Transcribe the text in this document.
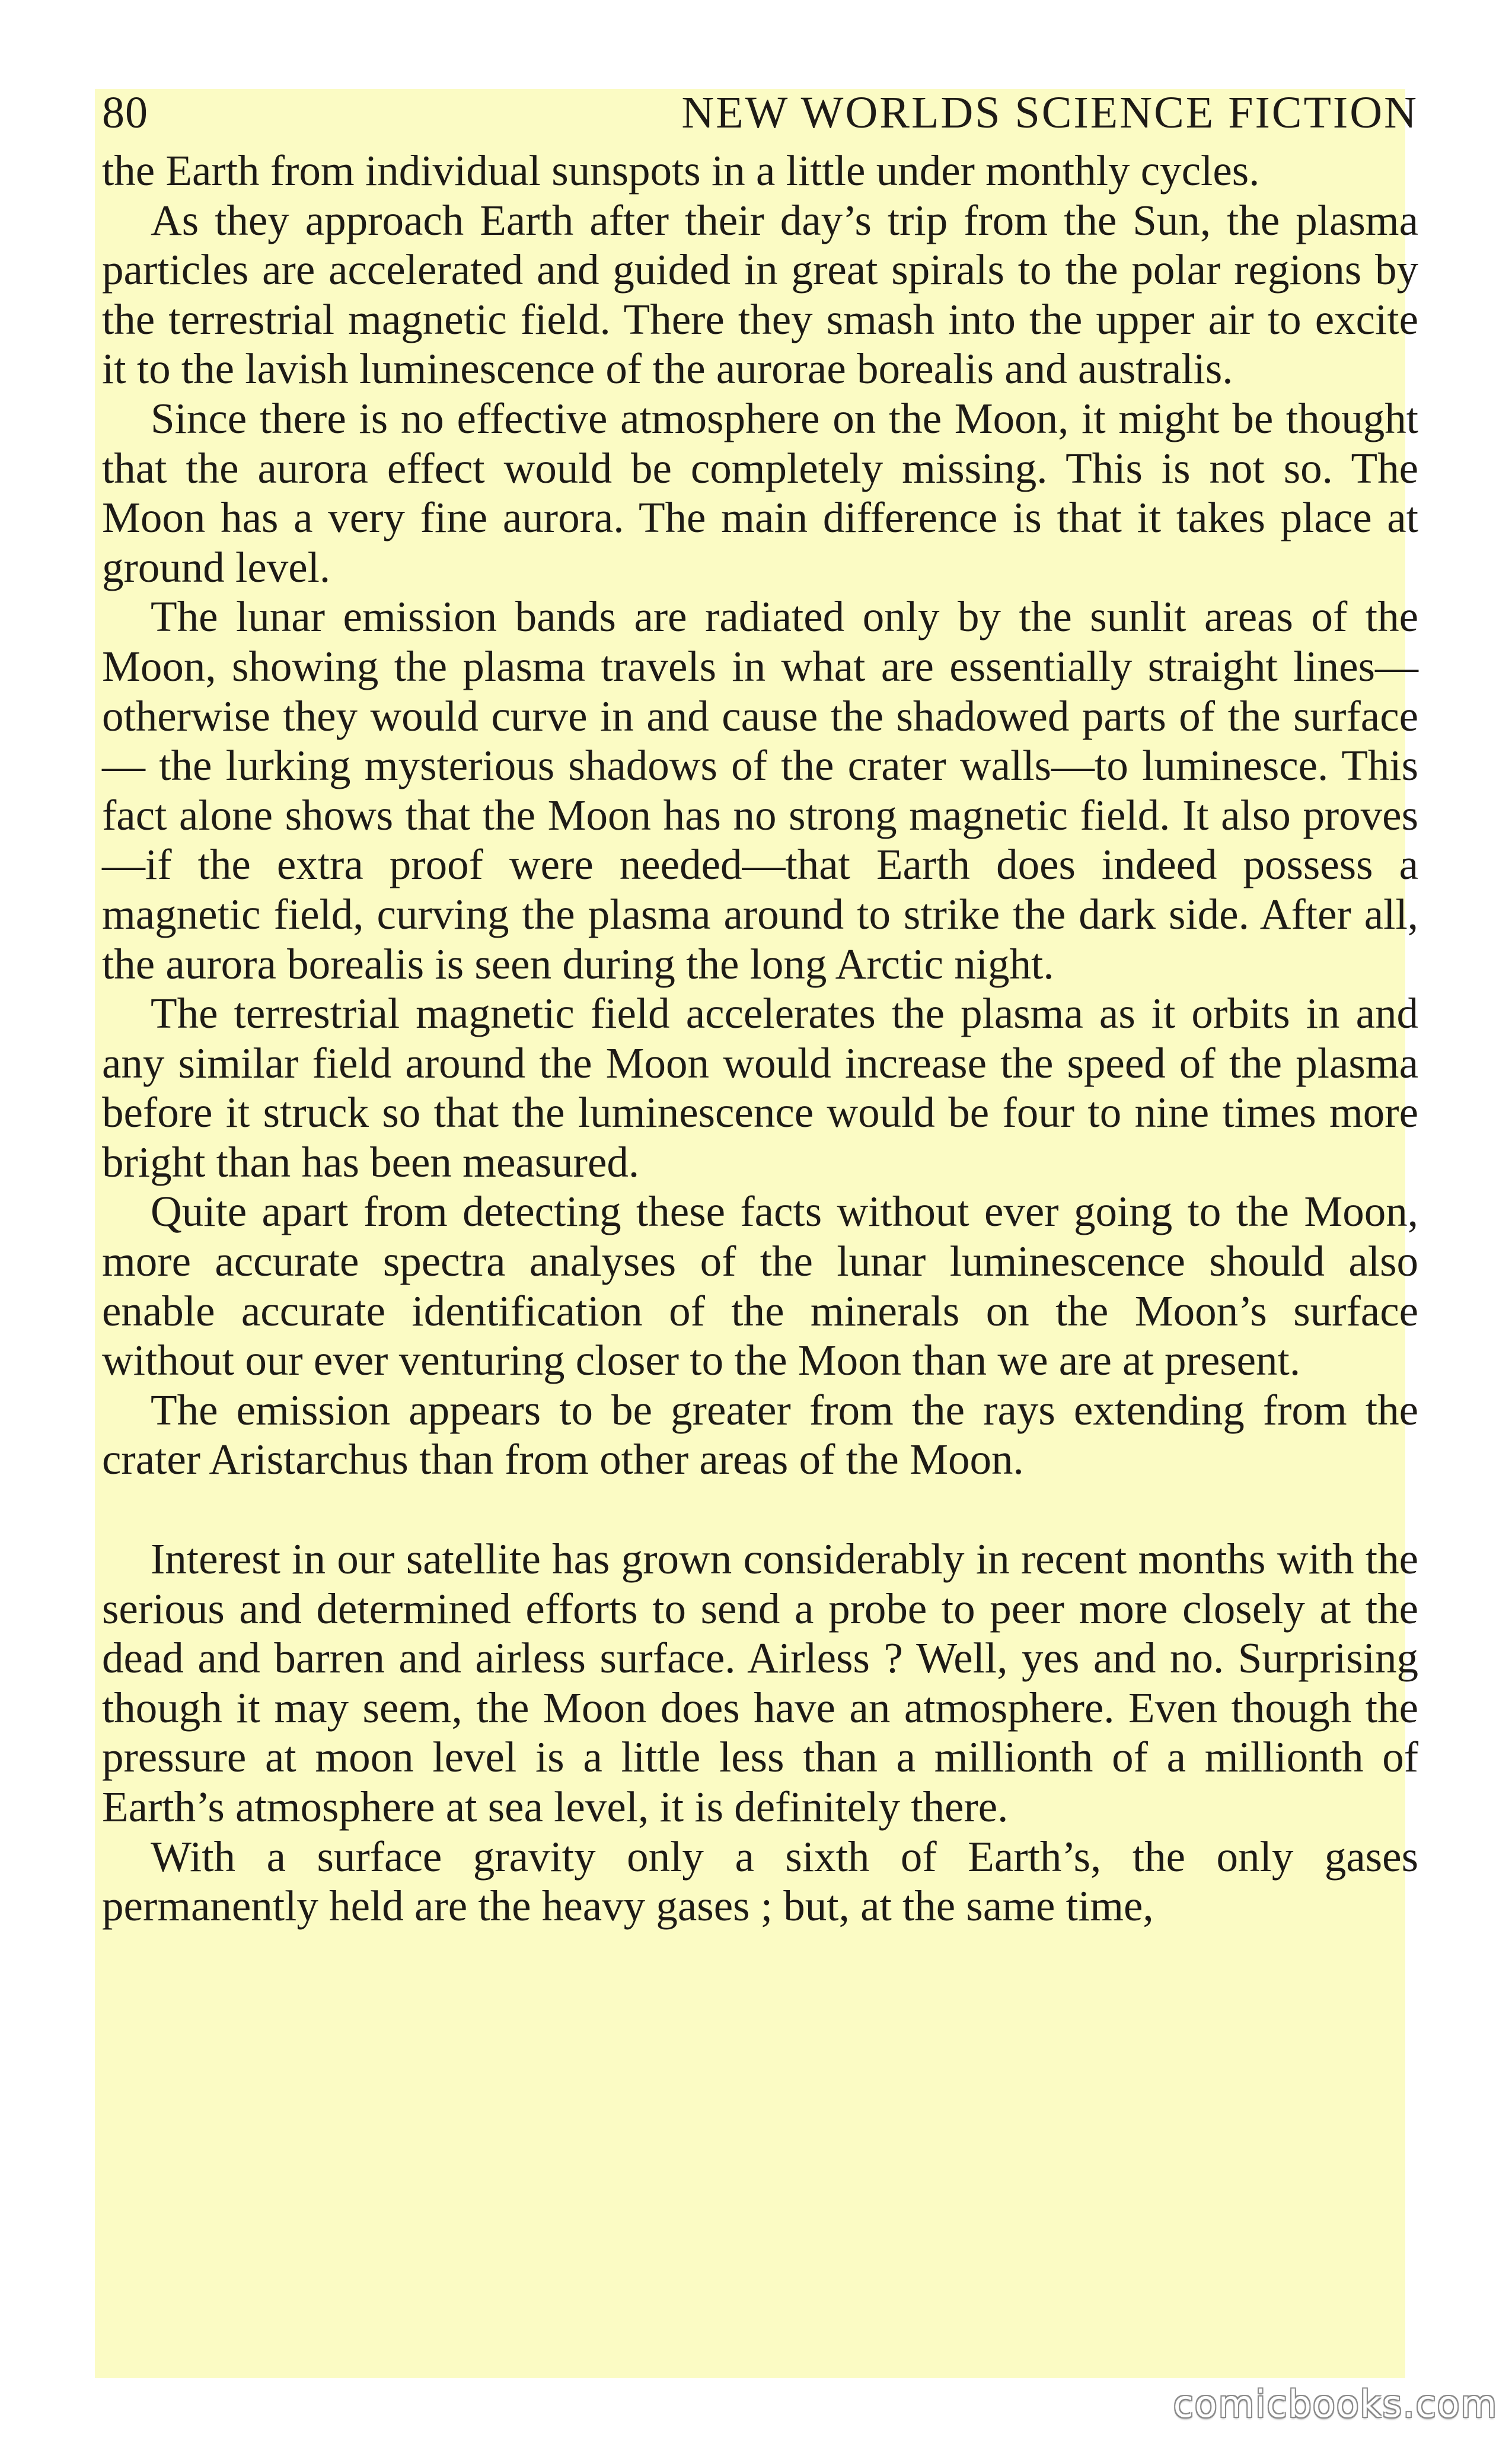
80	NEW WORLDS SCIENCE FICTION

the Earth from individual sunspots in a little under monthly cycles.

As they approach Earth after their day’s trip from the Sun, the plasma particles are accelerated and guided in great spirals to the polar regions by the terrestrial magnetic field. There they smash into the upper air to excite it to the lavish luminescence of the aurorae borealis and australis.

Since there is no effective atmosphere on the Moon, it might be thought that the aurora effect would be completely missing. This is not so. The Moon has a very fine aurora. The main difference is that it takes place at ground level.

The lunar emission bands are radiated only by the sunlit areas of the Moon, showing the plasma travels in what are essentially straight lines—otherwise they would curve in and cause the shadowed parts of the surface — the lurking mysterious shadows of the crater walls—to luminesce. This fact alone shows that the Moon has no strong magnetic field. It also proves—if the extra proof were needed—that Earth does indeed possess a magnetic field, curving the plasma around to strike the dark side. After all, the aurora borealis is seen during the long Arctic night.

The terrestrial magnetic field accelerates the plasma as it orbits in and any similar field around the Moon would increase the speed of the plasma before it struck so that the luminescence would be four to nine times more bright than has been measured.

Quite apart from detecting these facts without ever going to the Moon, more accurate spectra analyses of the lunar luminescence should also enable accurate identification of the minerals on the Moon’s surface without our ever venturing closer to the Moon than we are at present.

The emission appears to be greater from the rays extending from the crater Aristarchus than from other areas of the Moon.

Interest in our satellite has grown considerably in recent months with the serious and determined efforts to send a probe to peer more closely at the dead and barren and airless surface. Airless ? Well, yes and no. Surprising though it may seem, the Moon does have an atmosphere. Even though the pressure at moon level is a little less than a millionth of a millionth of Earth’s atmosphere at sea level, it is definitely there.

With a surface gravity only a sixth of Earth’s, the only gases permanently held are the heavy gases ; but, at the same time,

comicbooks.com
